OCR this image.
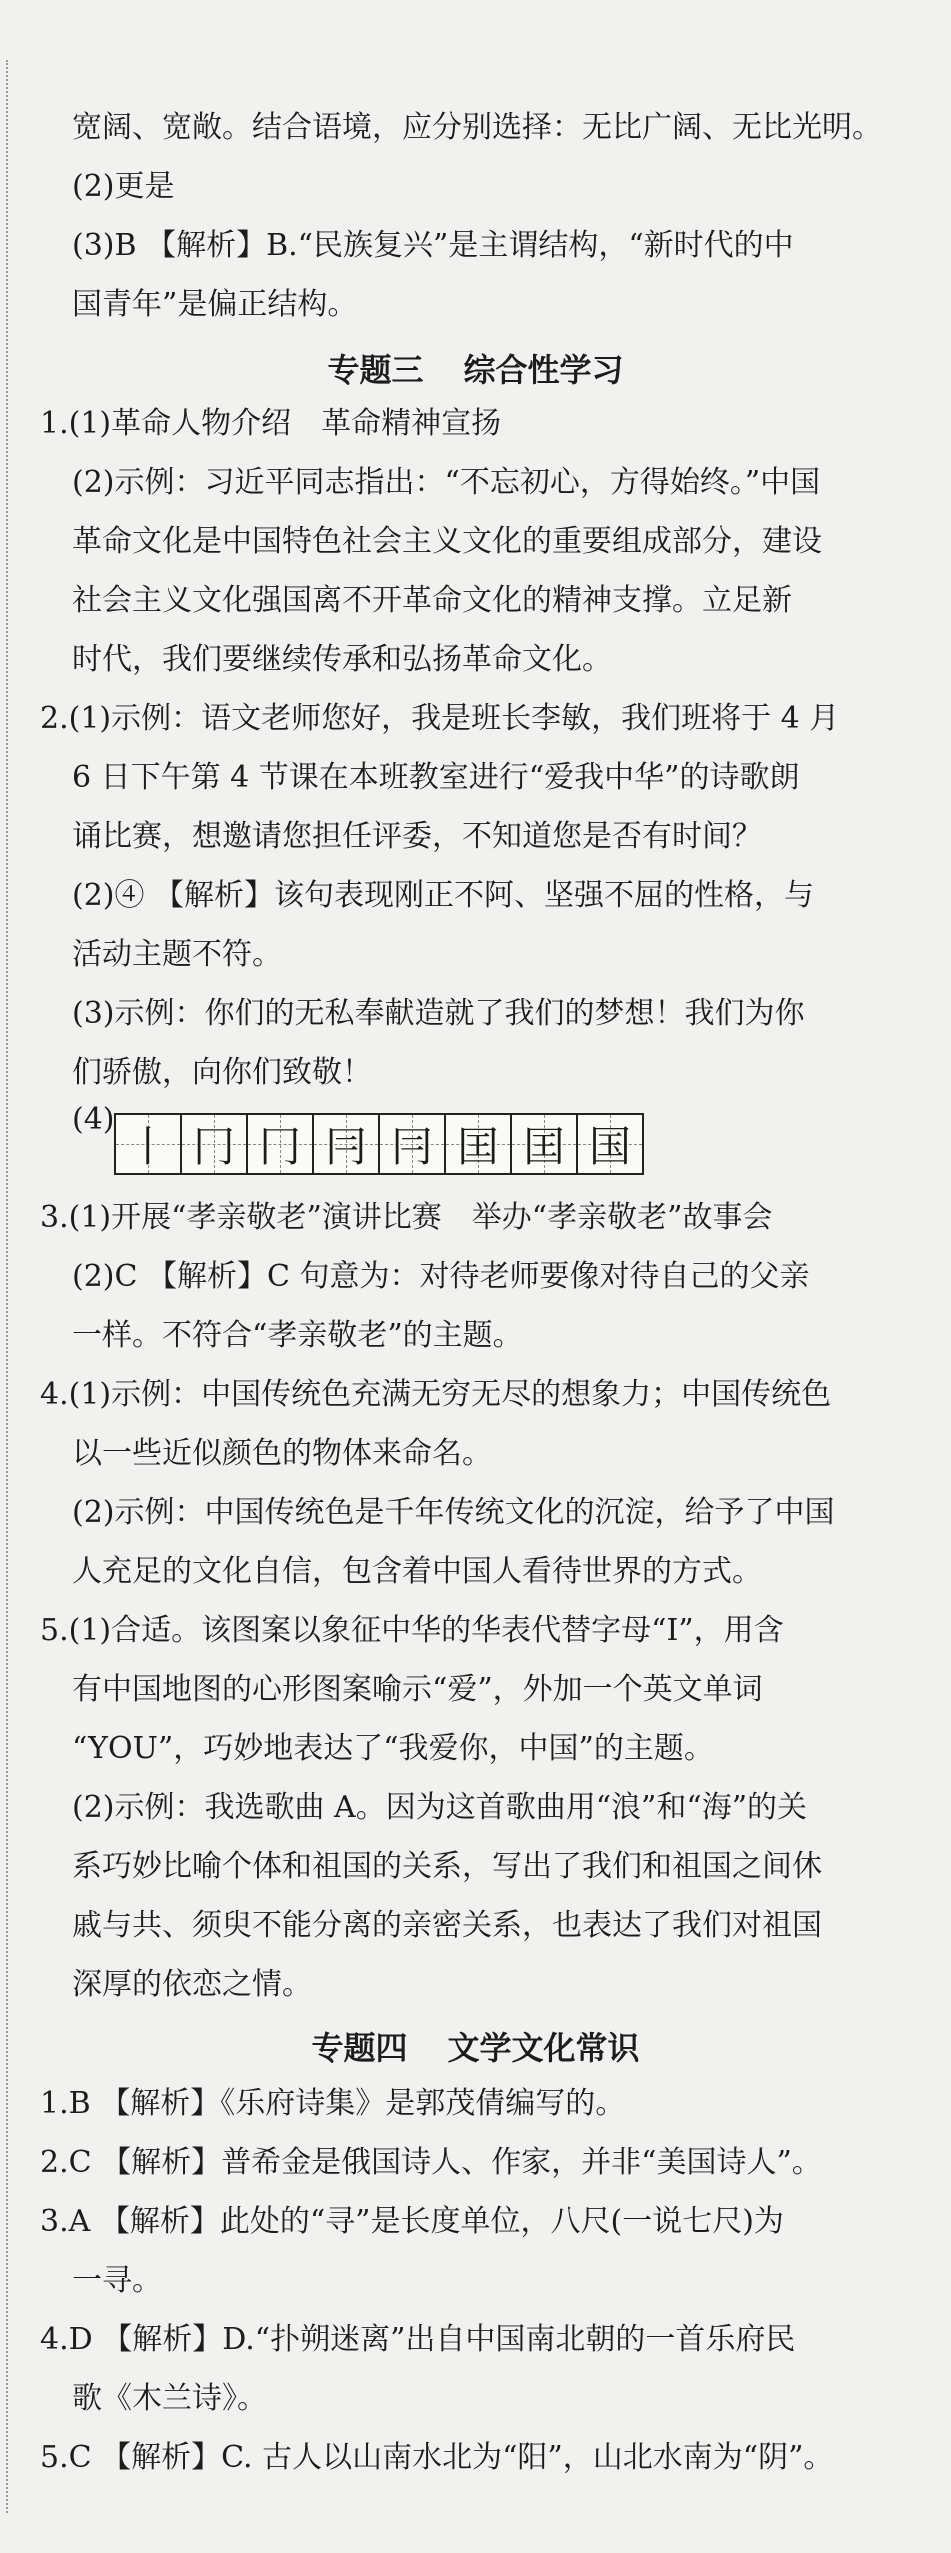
宽阔、宽敞。结合语境，应分别选择：无比广阔、无比光明。
(2)更是
(3)B 【解析】B.“民族复兴”是主谓结构，“新时代的中
国青年”是偏正结构。
专题三 综合性学习
1.(1)革命人物介绍　革命精神宣扬
(2)示例：习近平同志指出：“不忘初心，方得始终。”中国
革命文化是中国特色社会主义文化的重要组成部分，建设
社会主义文化强国离不开革命文化的精神支撑。立足新
时代，我们要继续传承和弘扬革命文化。
2.(1)示例：语文老师您好，我是班长李敏，我们班将于 4 月
6 日下午第 4 节课在本班教室进行“爱我中华”的诗歌朗
诵比赛，想邀请您担任评委，不知道您是否有时间？
(2)④ 【解析】该句表现刚正不阿、坚强不屈的性格，与
活动主题不符。
(3)示例：你们的无私奉献造就了我们的梦想！我们为你
们骄傲，向你们致敬！
(4)
丨 冂 冂 冃 冃 囯 囯 国
3.(1)开展“孝亲敬老”演讲比赛　举办“孝亲敬老”故事会
(2)C 【解析】C 句意为：对待老师要像对待自己的父亲
一样。不符合“孝亲敬老”的主题。
4.(1)示例：中国传统色充满无穷无尽的想象力；中国传统色
以一些近似颜色的物体来命名。
(2)示例：中国传统色是千年传统文化的沉淀，给予了中国
人充足的文化自信，包含着中国人看待世界的方式。
5.(1)合适。该图案以象征中华的华表代替字母“I”，用含
有中国地图的心形图案喻示“爱”，外加一个英文单词
“YOU”，巧妙地表达了“我爱你，中国”的主题。
(2)示例：我选歌曲 A。因为这首歌曲用“浪”和“海”的关
系巧妙比喻个体和祖国的关系，写出了我们和祖国之间休
戚与共、须臾不能分离的亲密关系，也表达了我们对祖国
深厚的依恋之情。
专题四 文学文化常识
1.B 【解析】《乐府诗集》是郭茂倩编写的。
2.C 【解析】普希金是俄国诗人、作家，并非“美国诗人”。
3.A 【解析】此处的“寻”是长度单位，八尺(一说七尺)为
一寻。
4.D 【解析】D.“扑朔迷离”出自中国南北朝的一首乐府民
歌《木兰诗》。
5.C 【解析】C. 古人以山南水北为“阳”，山北水南为“阴”。
